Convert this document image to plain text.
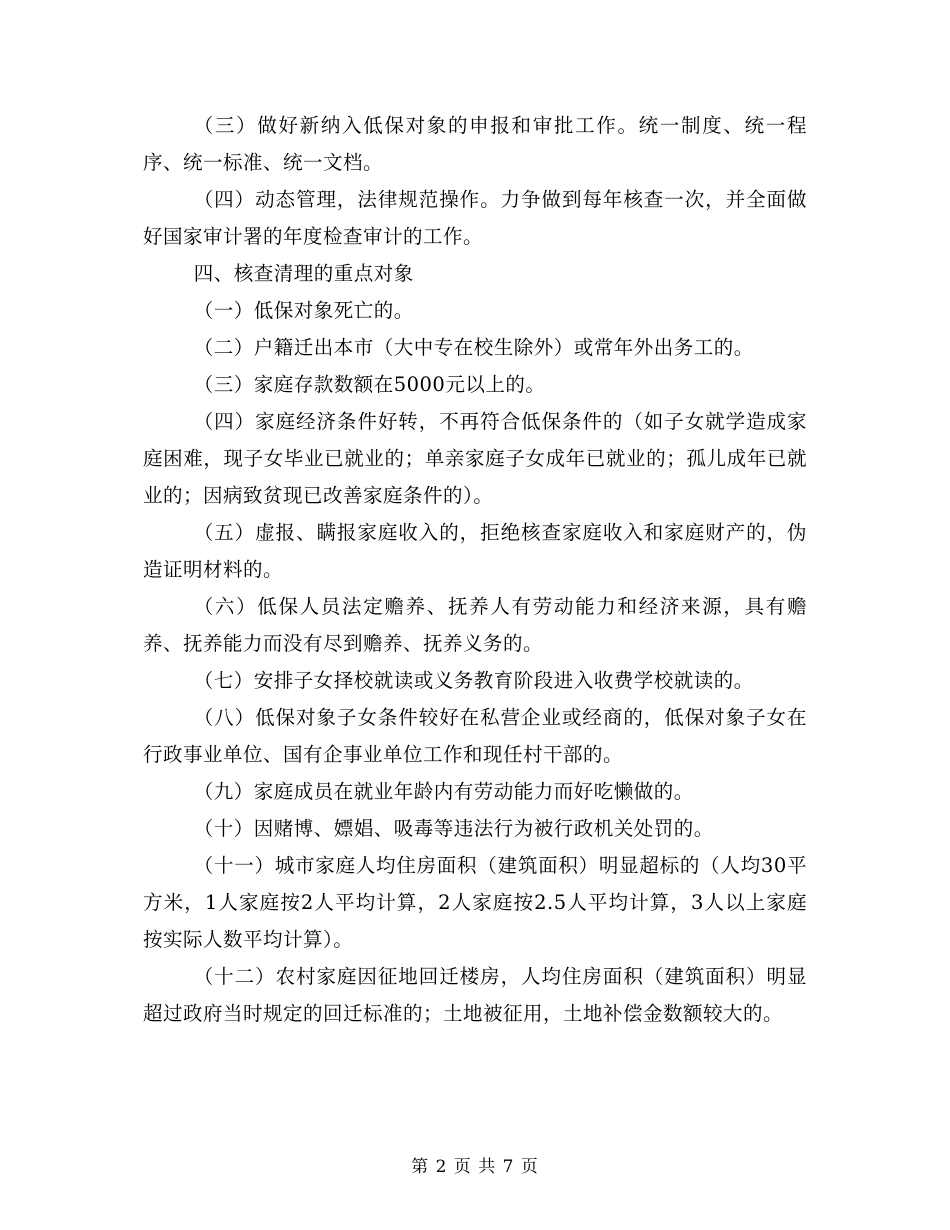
（三）做好新纳入低保对象的申报和审批工作。统一制度、统一程序、统一标准、统一文档。

（四）动态管理，法律规范操作。力争做到每年核查一次，并全面做好国家审计署的年度检查审计的工作。

四、核查清理的重点对象

（一）低保对象死亡的。

（二）户籍迁出本市（大中专在校生除外）或常年外出务工的。

（三）家庭存款数额在5000元以上的。

（四）家庭经济条件好转，不再符合低保条件的（如子女就学造成家庭困难，现子女毕业已就业的；单亲家庭子女成年已就业的；孤儿成年已就业的；因病致贫现已改善家庭条件的）。

（五）虚报、瞒报家庭收入的，拒绝核查家庭收入和家庭财产的，伪造证明材料的。

（六）低保人员法定赡养、抚养人有劳动能力和经济来源，具有赡养、抚养能力而没有尽到赡养、抚养义务的。

（七）安排子女择校就读或义务教育阶段进入收费学校就读的。

（八）低保对象子女条件较好在私营企业或经商的，低保对象子女在行政事业单位、国有企事业单位工作和现任村干部的。

（九）家庭成员在就业年龄内有劳动能力而好吃懒做的。

（十）因赌博、嫖娼、吸毒等违法行为被行政机关处罚的。

（十一）城市家庭人均住房面积（建筑面积）明显超标的（人均30平方米，1人家庭按2人平均计算，2人家庭按2.5人平均计算，3人以上家庭按实际人数平均计算）。

（十二）农村家庭因征地回迁楼房，人均住房面积（建筑面积）明显超过政府当时规定的回迁标准的；土地被征用，土地补偿金数额较大的。

第 2 页 共 7 页
